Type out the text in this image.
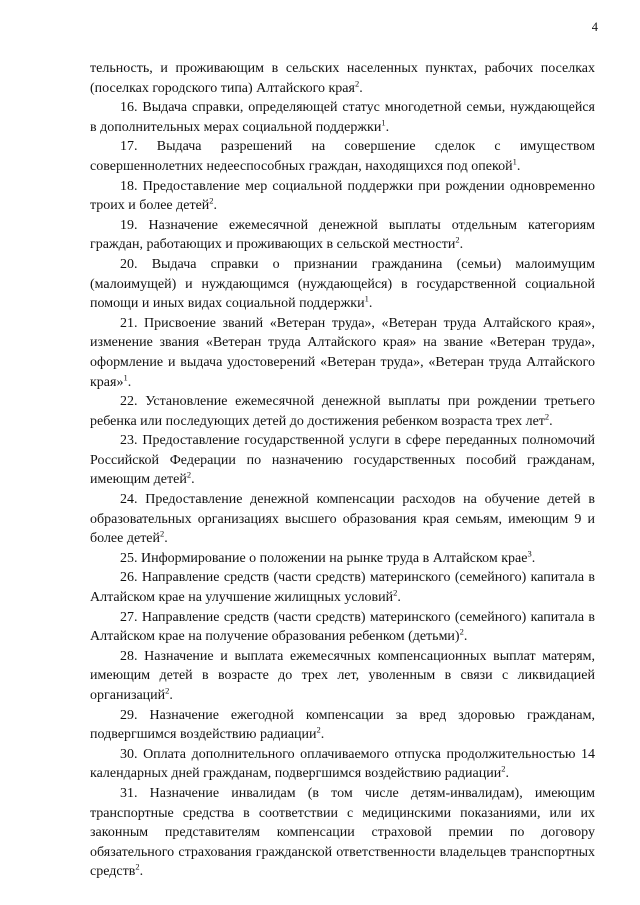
4

тельность, и проживающим в сельских населенных пунктах, рабочих поселках (поселках городского типа) Алтайского края$^2$.

16. Выдача справки, определяющей статус многодетной семьи, нуждающейся в дополнительных мерах социальной поддержки$^1$.

17. Выдача разрешений на совершение сделок с имуществом совершеннолетних недееспособных граждан, находящихся под опекой$^1$.

18. Предоставление мер социальной поддержки при рождении одновременно троих и более детей$^2$.

19. Назначение ежемесячной денежной выплаты отдельным категориям граждан, работающих и проживающих в сельской местности$^2$.

20. Выдача справки о признании гражданина (семьи) малоимущим (малоимущей) и нуждающимся (нуждающейся) в государственной социальной помощи и иных видах социальной поддержки$^1$.

21. Присвоение званий «Ветеран труда», «Ветеран труда Алтайского края», изменение звания «Ветеран труда Алтайского края» на звание «Ветеран труда», оформление и выдача удостоверений «Ветеран труда», «Ветеран труда Алтайского края»$^1$.

22. Установление ежемесячной денежной выплаты при рождении третьего ребенка или последующих детей до достижения ребенком возраста трех лет$^2$.

23. Предоставление государственной услуги в сфере переданных полномочий Российской Федерации по назначению государственных пособий гражданам, имеющим детей$^2$.

24. Предоставление денежной компенсации расходов на обучение детей в образовательных организациях высшего образования края семьям, имеющим 9 и более детей$^2$.

25. Информирование о положении на рынке труда в Алтайском крае$^3$.

26. Направление средств (части средств) материнского (семейного) капитала в Алтайском крае на улучшение жилищных условий$^2$.

27. Направление средств (части средств) материнского (семейного) капитала в Алтайском крае на получение образования ребенком (детьми)$^2$.

28. Назначение и выплата ежемесячных компенсационных выплат матерям, имеющим детей в возрасте до трех лет, уволенным в связи с ликвидацией организаций$^2$.

29. Назначение ежегодной компенсации за вред здоровью гражданам, подвергшимся воздействию радиации$^2$.

30. Оплата дополнительного оплачиваемого отпуска продолжительностью 14 календарных дней гражданам, подвергшимся воздействию радиации$^2$.

31. Назначение инвалидам (в том числе детям-инвалидам), имеющим транспортные средства в соответствии с медицинскими показаниями, или их законным представителям компенсации страховой премии по договору обязательного страхования гражданской ответственности владельцев транспортных средств$^2$.
